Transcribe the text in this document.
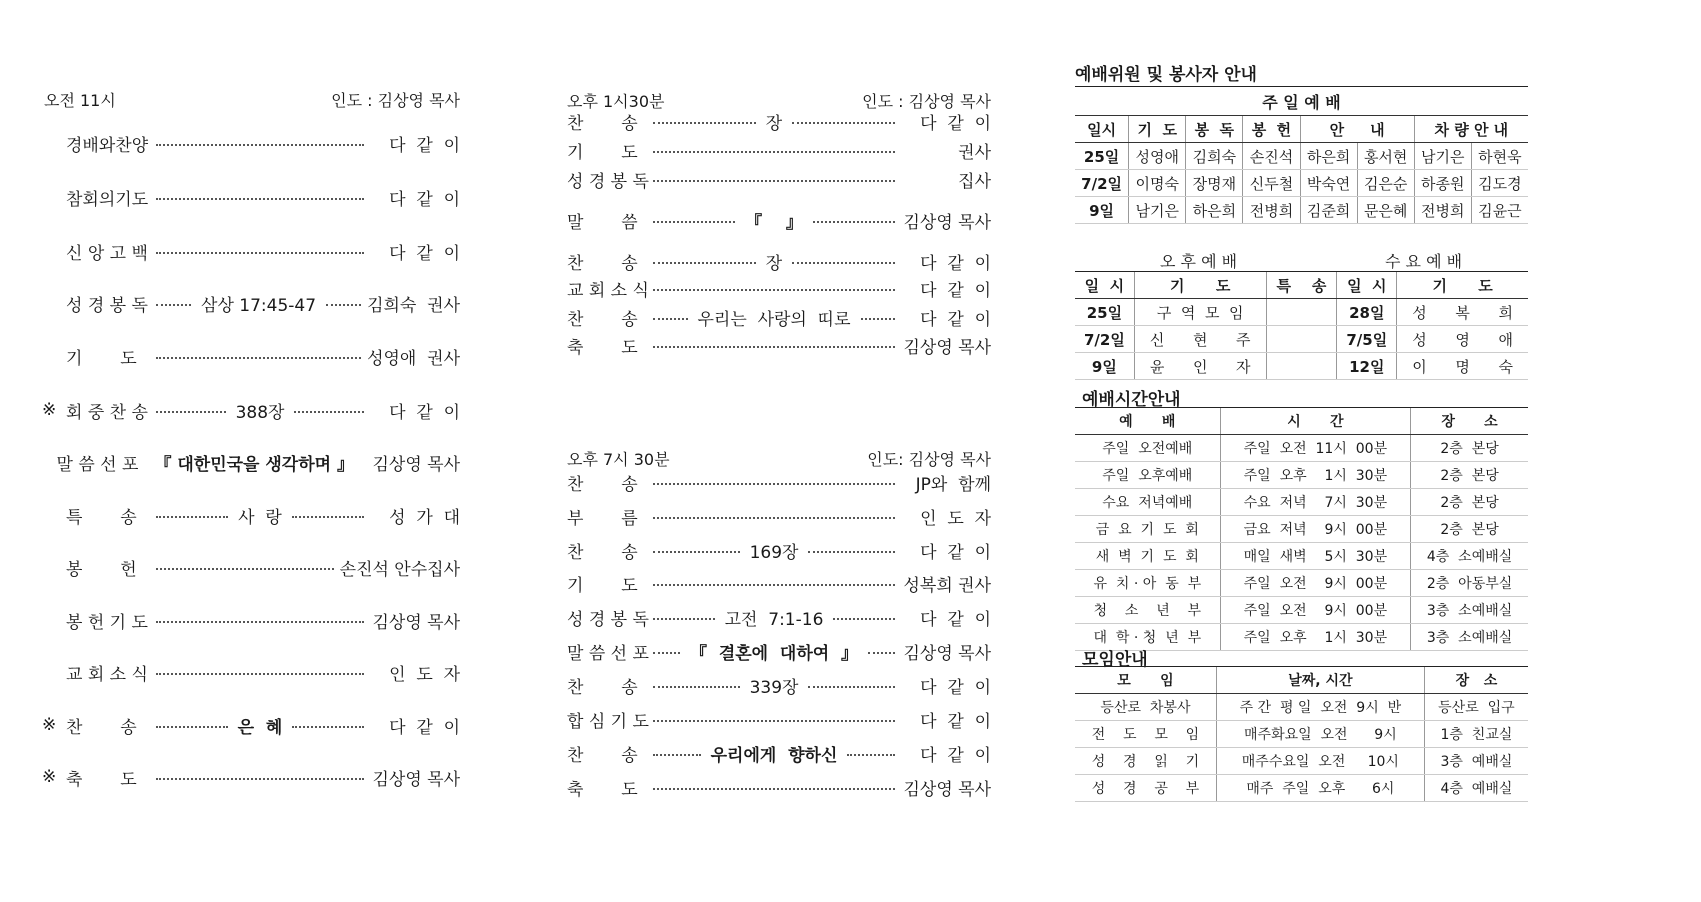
오전 11시	인도 : 김상영 목사
경배와찬양	다  같  이
참회의기도	다  같  이
신 앙 고 백	다  같  이
성 경 봉 독	삼상 17:45-47	김희숙  권사
기       도	성영애  권사
※ 회 중 찬 송	388장	다  같  이
말 씀 선 포 『 대한민국을 생각하며 』 김상영 목사
특       송	사  랑	성  가  대
봉       헌	손진석 안수집사
봉 헌 기 도	김상영 목사
교 회 소 식	인  도  자
※ 찬       송	은  혜	다  같  이
※ 축       도	김상영 목사
오후 1시30분	인도 : 김상영 목사
찬       송	장	다  같  이
기       도	권사
성 경 봉 독	집사
말       씀	『    』	김상영 목사
찬       송	장	다  같  이
교 회 소 식	다  같  이
찬       송	우리는  사랑의  띠로	다  같  이
축       도	김상영 목사
오후 7시 30분	인도: 김상영 목사
찬       송	JP와  함께
부       름	인  도  자
찬       송	169장	다  같  이
기       도	성복희 권사
성 경 봉 독	고전  7:1-16	다  같  이
말 씀 선 포 『  결혼에  대하여  』	김상영 목사
찬       송	339장	다  같  이
합 심 기 도	다  같  이
찬       송	우리에게  향하신	다  같  이
축       도	김상영 목사
예배위원 및 봉사자 안내
주 일 예 배							
일시	기  도	봉  독	봉  헌	안     내		차 량 안 내	
25일	성영애	김희숙	손진석	하은희	홍서현	남기은	하현욱
7/2일	이명숙	장명재	신두철	박숙연	김은순	하종원	김도경
9일	남기은	하은희	전병희	김준희	문은혜	전병희	김윤근
오 후 예 배	수 요 예 배
일  시	기      도	특    송	일  시	기      도
25일	구  역  모  임		28일	성      복      희
7/2일	신      현      주		7/5일	성      영      애
9일	윤      인      자		12일	이      명      숙
예배시간안내
예      배	시      간	장      소
주일  오전예배	주일  오전  11시  00분	2층  본당
주일  오후예배	주일  오후    1시  30분	2층  본당
수요  저녁예배	수요  저녁    7시  30분	2층  본당
금  요  기  도  회	금요  저녁    9시  00분	2층  본당
새  벽  기  도  회	매일  새벽    5시  30분	4층  소예배실
유  치 · 아  동  부	주일  오전    9시  00분	2층  아동부실
청    소    년    부	주일  오전    9시  00분	3층  소예배실
대  학 · 청  년  부	주일  오후    1시  30분	3층  소예배실
모임안내
모      임	날짜, 시간	장   소
등산로  차봉사	주 간  평 일  오전  9시  반	등산로  입구
전    도    모    임	매주화요일  오전      9시	1층  친교실
성    경    읽    기	매주수요일  오전     10시	3층  예배실
성    경    공    부	매주  주일  오후      6시	4층  예배실
